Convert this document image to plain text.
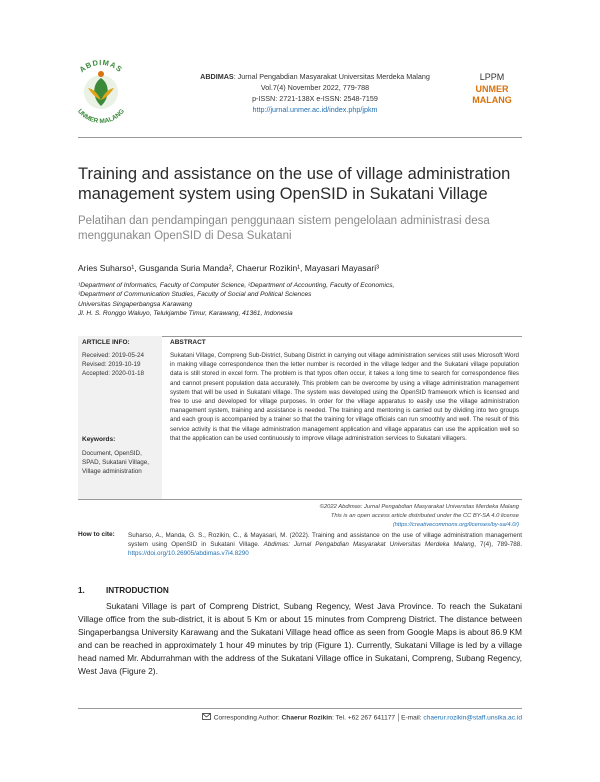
ABDIMAS
UNMER MALANG
ABDIMAS: Jurnal Pengabdian Masyarakat Universitas Merdeka Malang
Vol.7(4) November 2022, 779-788
p-ISSN: 2721-138X e-ISSN: 2548-7159
http://jurnal.unmer.ac.id/index.php/jpkm
LPPM
UNMER
MALANG
Training and assistance on the use of village administration management system using OpenSID in Sukatani Village
Pelatihan dan pendampingan penggunaan sistem pengelolaan administrasi desa menggunakan OpenSID di Desa Sukatani
Aries Suharso¹, Gusganda Suria Manda², Chaerur Rozikin¹, Mayasari Mayasari³
¹Department of Informatics, Faculty of Computer Science, ²Department of Accounting, Faculty of Economics,
³Department of Communication Studies, Faculty of Social and Political Sciences
Universitas Singaperbangsa Karawang
Jl. H. S. Ronggo Waluyo, Telukjambe Timur, Karawang, 41361, Indonesia
ARTICLE INFO:
Received: 2019-05-24
Revised: 2019-10-19
Accepted: 2020-01-18
Keywords:
Document, OpenSID, SPAD, Sukatani Village, Village administration
ABSTRACT
Sukatani Village, Compreng Sub-District, Subang District in carrying out village administration services still uses Microsoft Word in making village correspondence then the letter number is recorded in the village ledger and the Sukatani village population data is still stored in excel form. The problem is that typos often occur, it takes a long time to search for correspondence files and cannot present population data accurately. This problem can be overcome by using a village administration management system that will be used in Sukatani village. The system was developed using the OpenSID framework which is licensed and free to use and developed for village purposes. In order for the village apparatus to easily use the village administration management system, training and assistance is needed. The training and mentoring is carried out by dividing into two groups and each group is accompanied by a trainer so that the training for village officials can run smoothly and well. The result of this service activity is that the village administration management application and village apparatus can use the application well so that the application can be used continuously to improve village administration services to Sukatani villagers.
©2022 Abdimas: Jurnal Pengabdian Masyarakat Universitas Merdeka Malang
This is an open access article distributed under the CC BY-SA 4.0 license
(https://creativecommons.org/licenses/by-sa/4.0/)
How to cite: Suharso, A., Manda, G. S., Rozikin, C., & Mayasari, M. (2022). Training and assistance on the use of village administration management system using OpenSID in Sukatani Village. Abdimas: Jurnal Pengabdian Masyarakat Universitas Merdeka Malang, 7(4), 789-788. https://doi.org/10.26905/abdimas.v7i4.8290
1.	INTRODUCTION
Sukatani Village is part of Compreng District, Subang Regency, West Java Province. To reach the Sukatani Village office from the sub-district, it is about 5 Km or about 15 minutes from Compreng District. The distance between Singaperbangsa University Karawang and the Sukatani Village head office as seen from Google Maps is about 86.9 KM and can be reached in approximately 1 hour 49 minutes by trip (Figure 1). Currently, Sukatani Village is led by a village head named Mr. Abdurrahman with the address of the Sukatani Village office in Sukatani, Compreng, Subang Regency, West Java (Figure 2).
Corresponding Author: Chaerur Rozikin: Tel. +62 267 641177 │E-mail: chaerur.rozikin@staff.unsika.ac.id
